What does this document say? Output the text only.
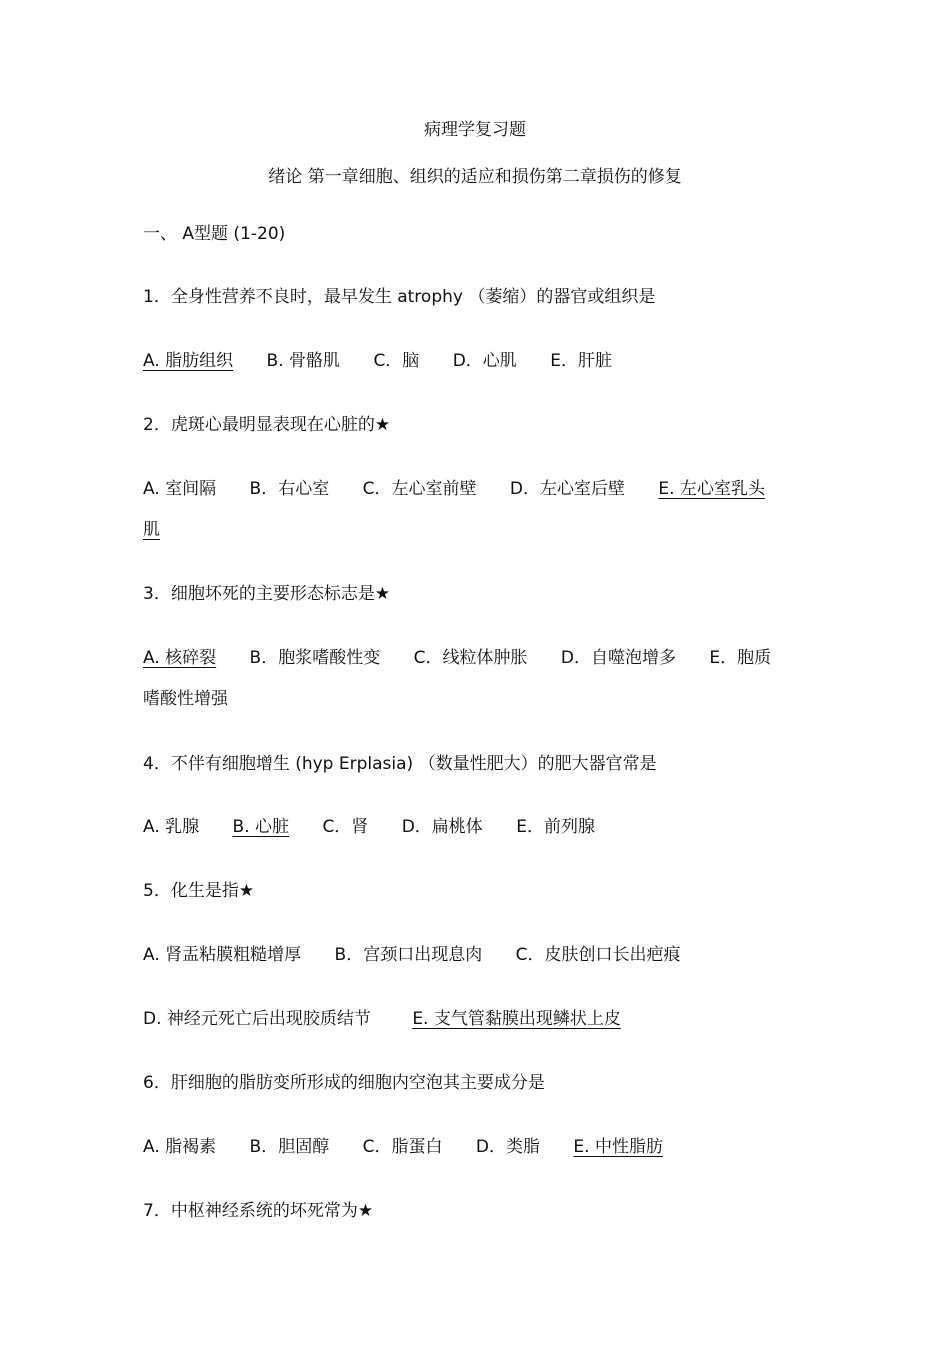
病理学复习题
绪论 第一章细胞、组织的适应和损伤第二章损伤的修复
一、 A型题 (1-20)
1．全身性营养不良时，最早发生 atrophy （萎缩）的器官或组织是
A. 脂肪组织 B. 骨骼肌 C．脑 D．心肌 E．肝脏
2．虎斑心最明显表现在心脏的★
A. 室间隔 B．右心室 C．左心室前壁 D．左心室后壁 E. 左心室乳头
肌
3．细胞坏死的主要形态标志是★
A. 核碎裂 B．胞浆嗜酸性变 C．线粒体肿胀 D．自噬泡增多 E．胞质
嗜酸性增强
4．不伴有细胞增生 (hyp Erplasia) （数量性肥大）的肥大器官常是
A. 乳腺 B. 心脏 C．肾 D．扁桃体 E．前列腺
5．化生是指★
A. 肾盂粘膜粗糙增厚 B．宫颈口出现息肉 C．皮肤创口长出疤痕
D. 神经元死亡后出现胶质结节 E. 支气管黏膜出现鳞状上皮
6．肝细胞的脂肪变所形成的细胞内空泡其主要成分是
A. 脂褐素 B．胆固醇 C．脂蛋白 D．类脂 E. 中性脂肪
7．中枢神经系统的坏死常为★
